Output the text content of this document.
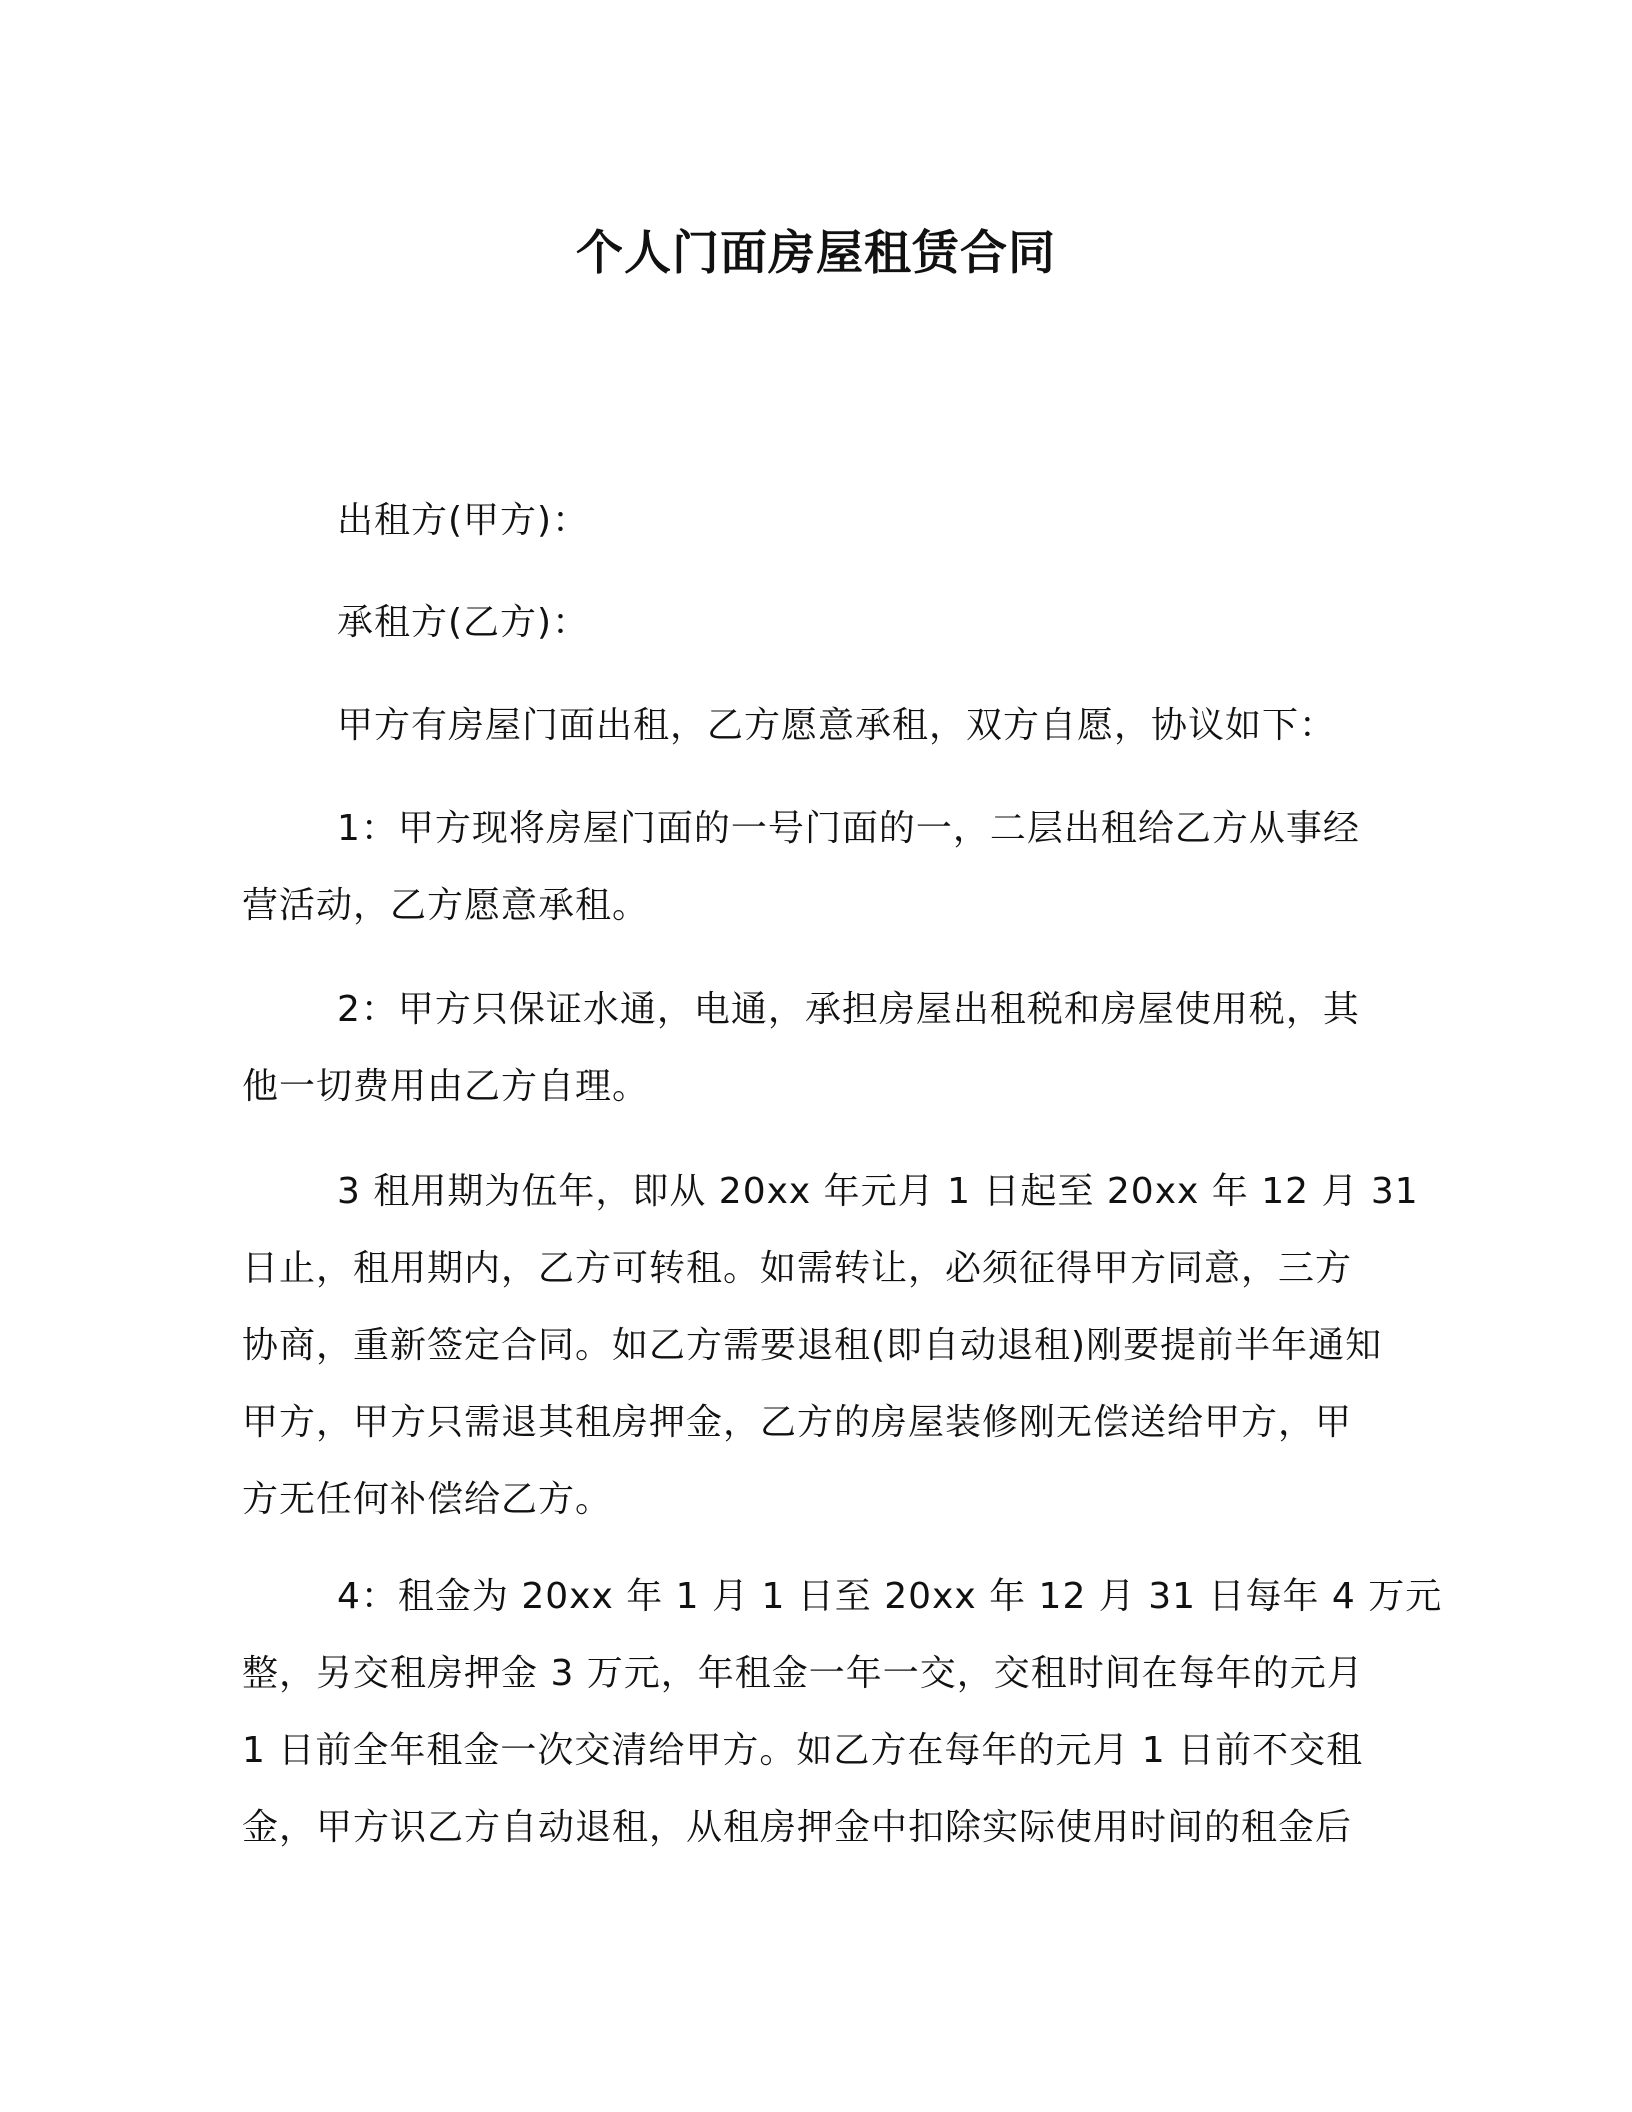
个人门面房屋租赁合同
出租方(甲方)：
承租方(乙方)：
甲方有房屋门面出租，乙方愿意承租，双方自愿，协议如下：
1：甲方现将房屋门面的一号门面的一，二层出租给乙方从事经
营活动，乙方愿意承租。
2：甲方只保证水通，电通，承担房屋出租税和房屋使用税，其
他一切费用由乙方自理。
3 租用期为伍年，即从 20xx 年元月 1 日起至 20xx 年 12 月 31
日止，租用期内，乙方可转租。如需转让，必须征得甲方同意，三方
协商，重新签定合同。如乙方需要退租(即自动退租)刚要提前半年通知
甲方，甲方只需退其租房押金，乙方的房屋装修刚无偿送给甲方，甲
方无任何补偿给乙方。
4：租金为 20xx 年 1 月 1 日至 20xx 年 12 月 31 日每年 4 万元
整，另交租房押金 3 万元，年租金一年一交，交租时间在每年的元月
1 日前全年租金一次交清给甲方。如乙方在每年的元月 1 日前不交租
金，甲方识乙方自动退租，从租房押金中扣除实际使用时间的租金后
